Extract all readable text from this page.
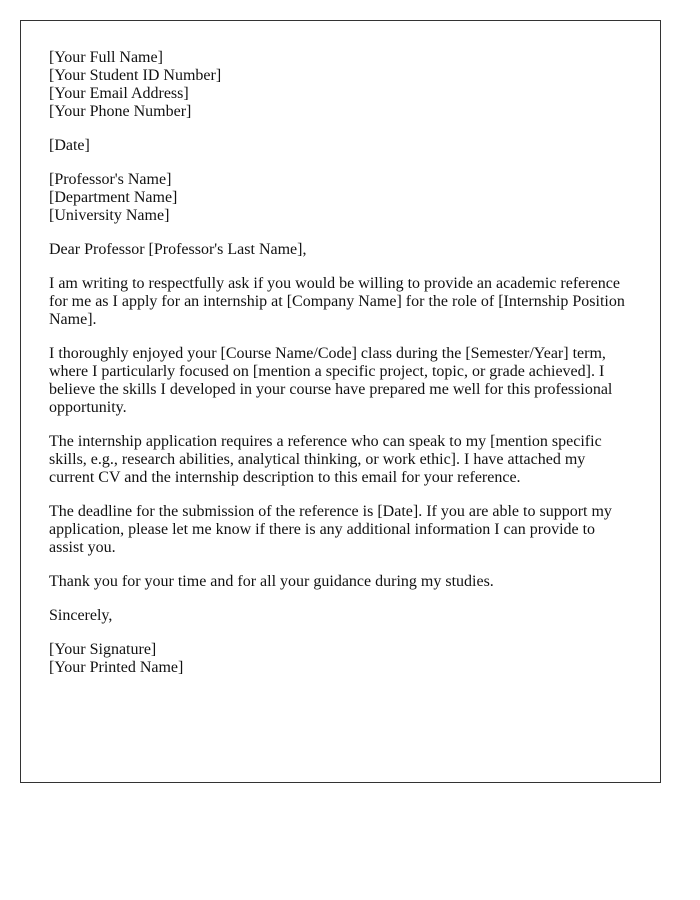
[Your Full Name]
[Your Student ID Number]
[Your Email Address]
[Your Phone Number]
[Date]
[Professor's Name]
[Department Name]
[University Name]

Dear Professor [Professor's Last Name],

I am writing to respectfully ask if you would be willing to provide an academic reference for me as I apply for an internship at [Company Name] for the role of [Internship Position Name].

I thoroughly enjoyed your [Course Name/Code] class during the [Semester/Year] term, where I particularly focused on [mention a specific project, topic, or grade achieved]. I believe the skills I developed in your course have prepared me well for this professional opportunity.

The internship application requires a reference who can speak to my [mention specific skills, e.g., research abilities, analytical thinking, or work ethic]. I have attached my current CV and the internship description to this email for your reference.

The deadline for the submission of the reference is [Date]. If you are able to support my application, please let me know if there is any additional information I can provide to assist you.

Thank you for your time and for all your guidance during my studies.

Sincerely,

[Your Signature]
[Your Printed Name]
